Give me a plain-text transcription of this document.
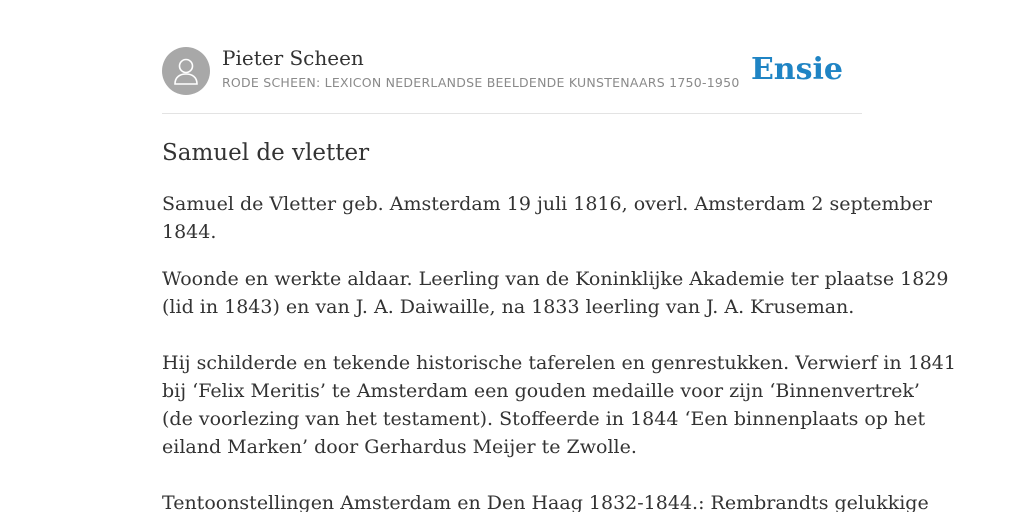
Pieter Scheen
RODE SCHEEN: LEXICON NEDERLANDSE BEELDENDE KUNSTENAARS 1750-1950 Ensie
Samuel de vletter
Samuel de Vletter geb. Amsterdam 19 juli 1816, overl. Amsterdam 2 september
1844.
Woonde en werkte aldaar. Leerling van de Koninklijke Akademie ter plaatse 1829
(lid in 1843) en van J. A. Daiwaille, na 1833 leerling van J. A. Kruseman.
Hij schilderde en tekende historische taferelen en genrestukken. Verwierf in 1841
bij ‘Felix Meritis’ te Amsterdam een gouden medaille voor zijn ‘Binnenvertrek’
(de voorlezing van het testament). Stoffeerde in 1844 ‘Een binnenplaats op het
eiland Marken’ door Gerhardus Meijer te Zwolle.
Tentoonstellingen Amsterdam en Den Haag 1832-1844.: Rembrandts gelukkige
